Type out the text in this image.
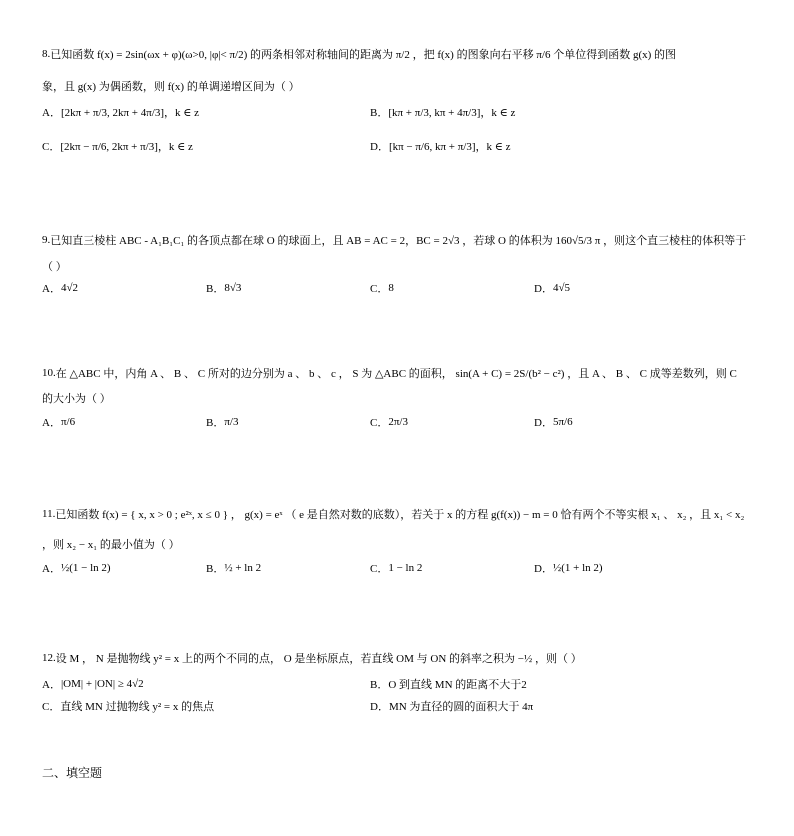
8. 已知函数 f(x) = 2sin(ωx + φ)(ω>0, |φ|< π/2) 的两条相邻对称轴间的距离为 π/2 ，把 f(x) 的图象向右平移 π/6 个单位得到函数 g(x) 的图
象，且 g(x) 为偶函数，则 f(x) 的单调递增区间为（ ）
A． [2kπ + π/3, 2kπ + 4π/3]，k ∈ z	B． [kπ + π/3, kπ + 4π/3]，k ∈ z
C． [2kπ − π/6, 2kπ + π/3]，k ∈ z	D． [kπ − π/6, kπ + π/3]，k ∈ z
9. 已知直三棱柱 ABC - A₁B₁C₁ 的各顶点都在球 O 的球面上，且 AB = AC = 2，BC = 2√3 ，若球 O 的体积为 160√5/3 π ，则这个直三棱柱的体积等于
（ ）
A． 4√2	B． 8√3	C． 8	D． 4√5
10. 在 △ABC 中，内角 A 、 B 、 C 所对的边分别为 a 、 b 、 c ， S 为 △ABC 的面积， sin(A + C) = 2S/(b² − c²) ，且 A 、 B 、 C 成等差数列，则 C
的大小为（ ）
A． π/6	B． π/3	C． 2π/3	D． 5π/6
11. 已知函数 f(x) = { x, x > 0 ; e²ˣ, x ≤ 0 } ， g(x) = eˣ （ e 是自然对数的底数），若关于 x 的方程 g(f(x)) − m = 0 恰有两个不等实根 x₁ 、 x₂ ，且 x₁ < x₂
，则 x₂ − x₁ 的最小值为（ ）
A． ½(1 − ln 2)	B． ½ + ln 2	C． 1 − ln 2	D． ½(1 + ln 2)
12. 设 M ， N 是抛物线 y² = x 上的两个不同的点， O 是坐标原点，若直线 OM 与 ON 的斜率之积为 −½ ，则（ ）
A． |OM| + |ON| ≥ 4√2	B． O 到直线 MN 的距离不大于2
C． 直线 MN 过抛物线 y² = x 的焦点	D． MN 为直径的圆的面积大于 4π
二、填空题
